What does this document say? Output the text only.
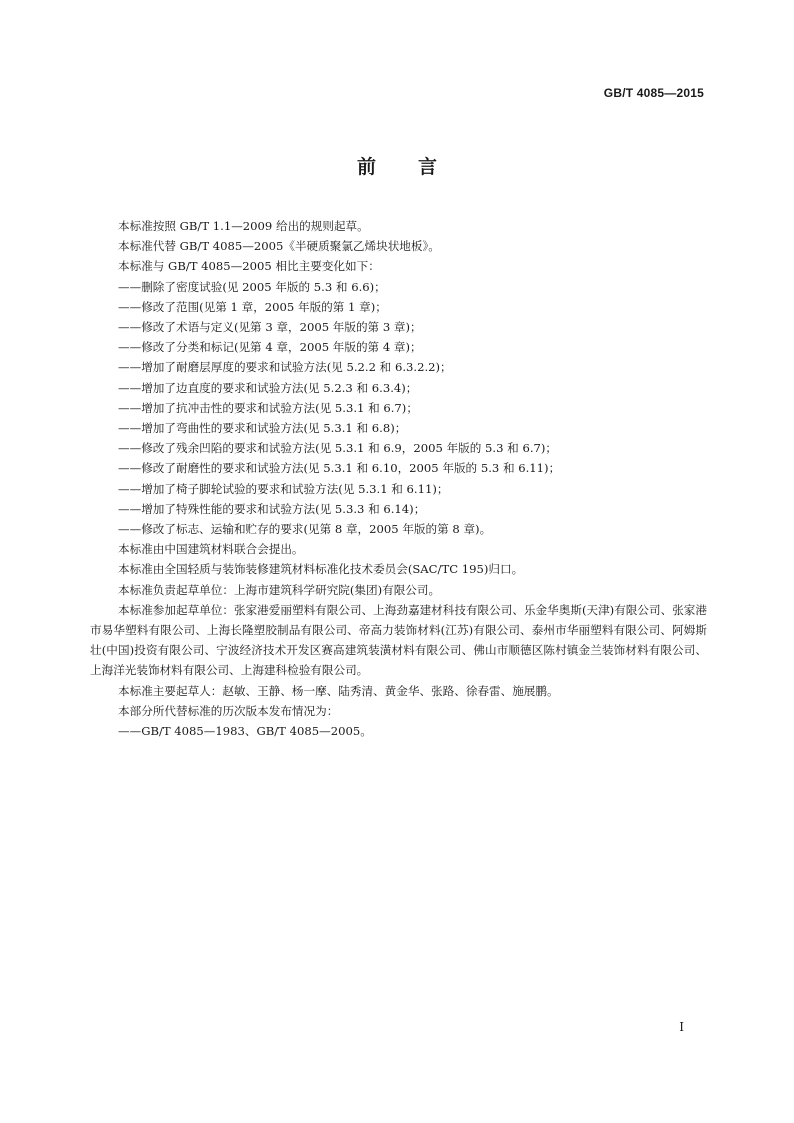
GB/T 4085—2015
前言

本标准按照 GB/T 1.1—2009 给出的规则起草。

本标准代替 GB/T 4085—2005《半硬质聚氯乙烯块状地板》。

本标准与 GB/T 4085—2005 相比主要变化如下：

——删除了密度试验(见 2005 年版的 5.3 和 6.6)；

——修改了范围(见第 1 章，2005 年版的第 1 章)；

——修改了术语与定义(见第 3 章，2005 年版的第 3 章)；

——修改了分类和标记(见第 4 章，2005 年版的第 4 章)；

——增加了耐磨层厚度的要求和试验方法(见 5.2.2 和 6.3.2.2)；

——增加了边直度的要求和试验方法(见 5.2.3 和 6.3.4)；

——增加了抗冲击性的要求和试验方法(见 5.3.1 和 6.7)；

——增加了弯曲性的要求和试验方法(见 5.3.1 和 6.8)；

——修改了残余凹陷的要求和试验方法(见 5.3.1 和 6.9，2005 年版的 5.3 和 6.7)；

——修改了耐磨性的要求和试验方法(见 5.3.1 和 6.10，2005 年版的 5.3 和 6.11)；

——增加了椅子脚轮试验的要求和试验方法(见 5.3.1 和 6.11)；

——增加了特殊性能的要求和试验方法(见 5.3.3 和 6.14)；

——修改了标志、运输和贮存的要求(见第 8 章，2005 年版的第 8 章)。

本标准由中国建筑材料联合会提出。

本标准由全国轻质与装饰装修建筑材料标准化技术委员会(SAC/TC 195)归口。

本标准负责起草单位：上海市建筑科学研究院(集团)有限公司。

本标准参加起草单位：张家港爱丽塑料有限公司、上海劲嘉建材科技有限公司、乐金华奥斯(天津)有限公司、张家港市易华塑料有限公司、上海长隆塑胶制品有限公司、帝高力装饰材料(江苏)有限公司、泰州市华丽塑料有限公司、阿姆斯壮(中国)投资有限公司、宁波经济技术开发区赛高建筑装潢材料有限公司、佛山市顺德区陈村镇金兰装饰材料有限公司、上海洋光装饰材料有限公司、上海建科检验有限公司。

本标准主要起草人：赵敏、王静、杨一摩、陆秀清、黄金华、张路、徐春雷、施展鹏。

本部分所代替标准的历次版本发布情况为：

——GB/T 4085—1983、GB/T 4085—2005。

I
